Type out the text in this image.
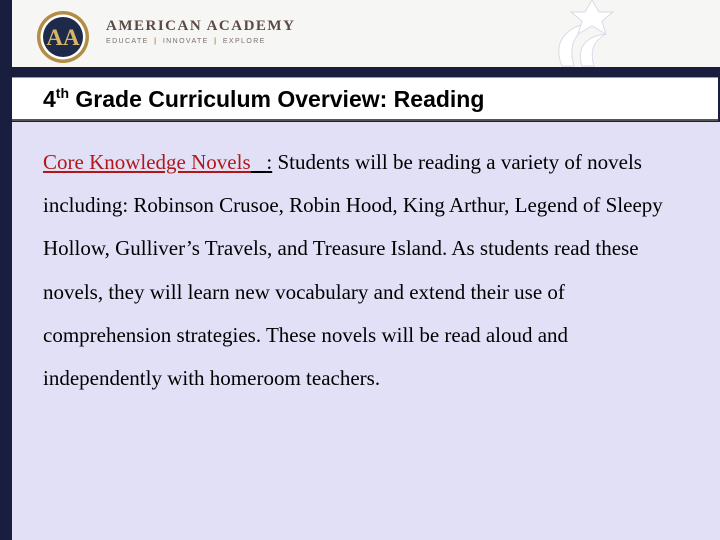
AA AMERICAN ACADEMY
EDUCATE | INNOVATE | EXPLORE
4th Grade Curriculum Overview: Reading

Core Knowledge Novels : Students will be reading a variety of novels including: Robinson Crusoe, Robin Hood, King Arthur, Legend of Sleepy Hollow, Gulliver’s Travels, and Treasure Island. As students read these novels, they will learn new vocabulary and extend their use of comprehension strategies. These novels will be read aloud and independently with homeroom teachers.
